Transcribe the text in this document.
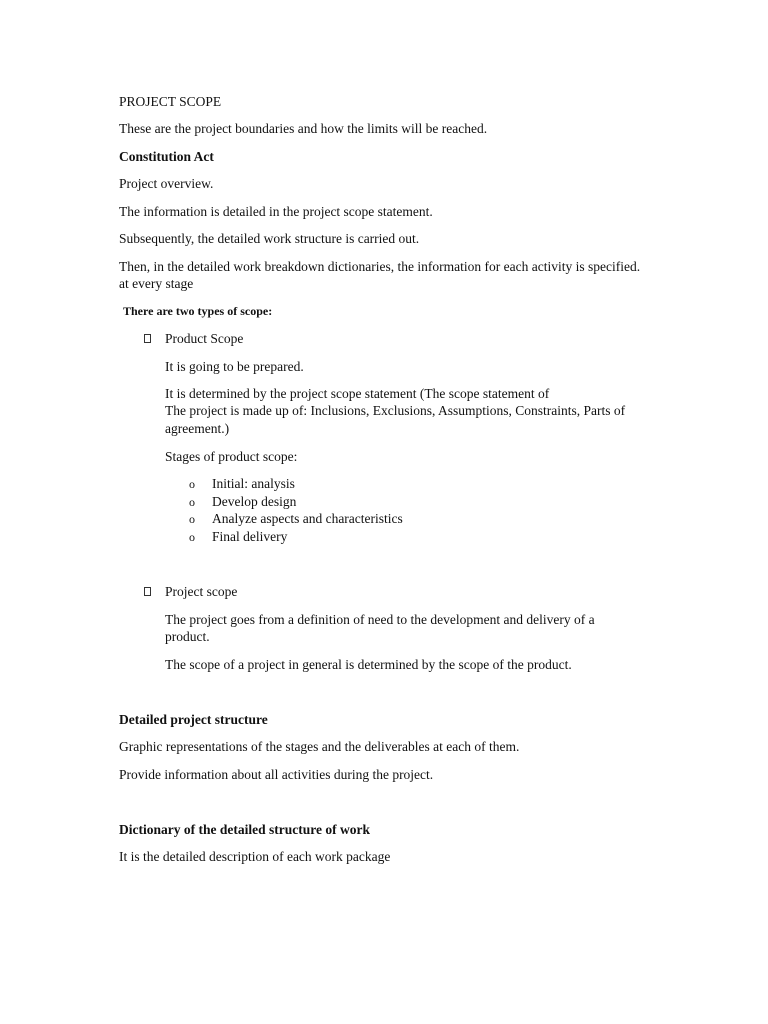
PROJECT SCOPE
These are the project boundaries and how the limits will be reached.
Constitution Act
Project overview.
The information is detailed in the project scope statement.
Subsequently, the detailed work structure is carried out.
Then, in the detailed work breakdown dictionaries, the information for each activity is specified.
at every stage
There are two types of scope:
Product Scope
It is going to be prepared.
It is determined by the project scope statement (The scope statement of
The project is made up of: Inclusions, Exclusions, Assumptions, Constraints, Parts of
agreement.)
Stages of product scope:
o Initial: analysis
o Develop design
o Analyze aspects and characteristics
o Final delivery
Project scope
The project goes from a definition of need to the development and delivery of a
product.
The scope of a project in general is determined by the scope of the product.
Detailed project structure
Graphic representations of the stages and the deliverables at each of them.
Provide information about all activities during the project.
Dictionary of the detailed structure of work
It is the detailed description of each work package
